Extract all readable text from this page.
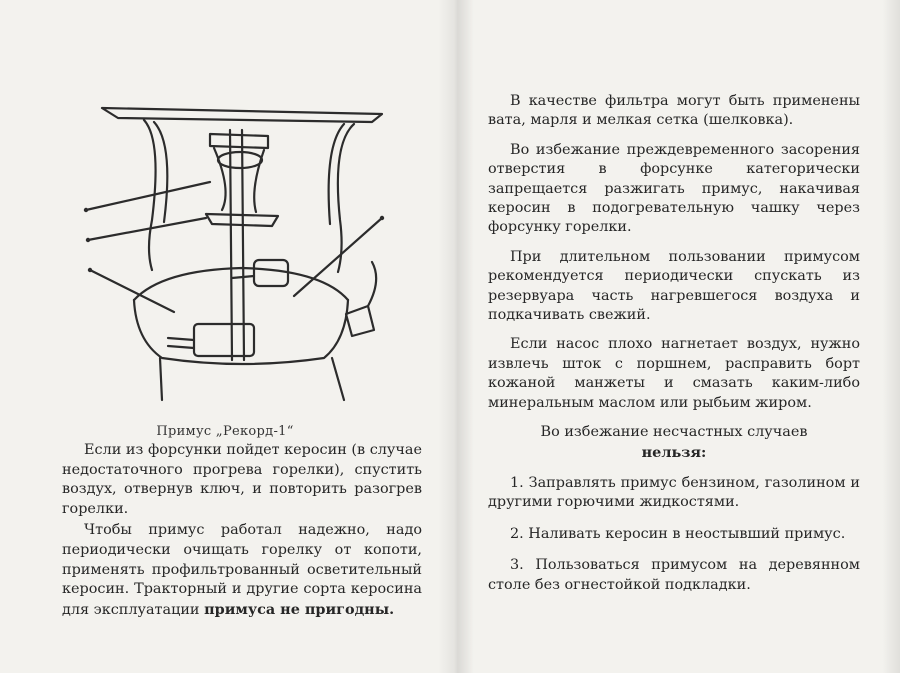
Примус „Рекорд-1“

Если из форсунки пойдет керосин (в случае недостаточного прогрева горелки), спустить воздух, отвернув ключ, и повторить разогрев горелки.

Чтобы примус работал надежно, надо периодически очищать горелку от копоти, применять профильтрованный осветительный керосин. Тракторный и другие сорта керосина для эксплуатации примуса не пригодны.

В качестве фильтра могут быть применены вата, марля и мелкая сетка (шелковка).

Во избежание преждевременного засорения отверстия в форсунке категорически запрещается разжигать примус, накачивая керосин в подогревательную чашку через форсунку горелки.

При длительном пользовании примусом рекомендуется периодически спускать из резервуара часть нагревшегося воздуха и подкачивать свежий.

Если насос плохо нагнетает воздух, нужно извлечь шток с поршнем, расправить борт кожаной манжеты и смазать каким-либо минеральным маслом или рыбьим жиром.

Во избежание несчастных случаев
нельзя:

1. Заправлять примус бензином, газолином и другими горючими жидкостями.

2. Наливать керосин в неостывший примус.

3. Пользоваться примусом на деревянном столе без огнестойкой подкладки.
